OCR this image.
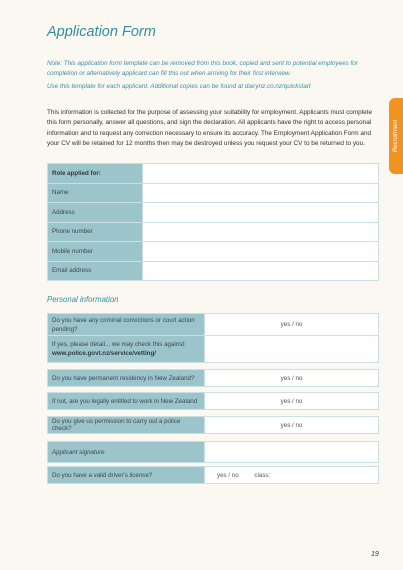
Application Form
Note: This application form template can be removed from this book, copied and sent to potential employees for completion or alternatively applicant can fill this out when arriving for their first interview.
Use this template for each applicant. Additional copies can be found at dairynz.co.nz/quickstart
This information is collected for the purpose of assessing your suitability for employment. Applicants must complete this form personally, answer all questions, and sign the declaration. All applicants have the right to access personal information and to request any correction necessary to ensure its accuracy. The Employment Application Form and your CV will be retained for 12 months then may be destroyed unless you request your CV to be returned to you.	Recruitment
Role applied for:	
Name	
Address	
Phone number	
Mobile number	
Email address	
Personal information
Do you have any criminal convictions or court action pending?	yes / no
If yes, please detail... we may check this against:
www.police.govt.nz/service/vetting/	
Do you have permanent residency in New Zealand?	yes / no
If not, are you legally entitled to work in New Zealand	yes / no
Do you give us permission to carry out a police check?	yes / no
Applicant signature	
Do you have a valid driver's licence?	yes / no	class:
19
